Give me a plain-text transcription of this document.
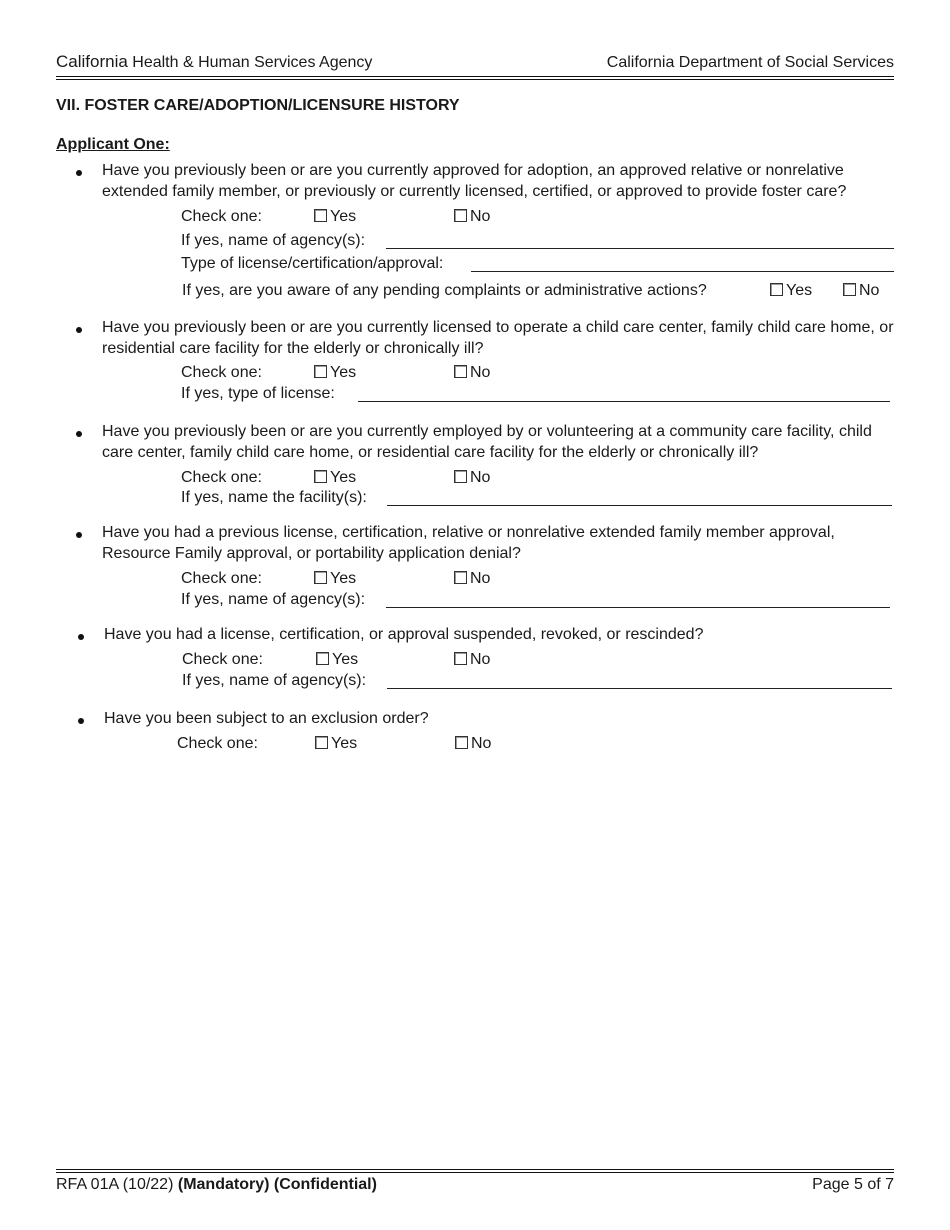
California Health & Human Services Agency	California Department of Social Services
VII. FOSTER CARE/ADOPTION/LICENSURE HISTORY
Applicant One:
Have you previously been or are you currently approved for adoption, an approved relative or nonrelative extended family member, or previously or currently licensed, certified, or approved to provide foster care?
Check one:	Yes	No
If yes, name of agency(s):
Type of license/certification/approval:
If yes, are you aware of any pending complaints or administrative actions?	Yes	No
Have you previously been or are you currently licensed to operate a child care center, family child care home, or residential care facility for the elderly or chronically ill?
Check one:	Yes	No
If yes, type of license:
Have you previously been or are you currently employed by or volunteering at a community care facility, child care center, family child care home, or residential care facility for the elderly or chronically ill?
Check one:	Yes	No
If yes, name the facility(s):
Have you had a previous license, certification, relative or nonrelative extended family member approval, Resource Family approval, or portability application denial?
Check one:	Yes	No
If yes, name of agency(s):
Have you had a license, certification, or approval suspended, revoked, or rescinded?
Check one:	Yes	No
If yes, name of agency(s):
Have you been subject to an exclusion order?
Check one:	Yes	No
RFA 01A (10/22) (Mandatory) (Confidential)	Page 5 of 7
